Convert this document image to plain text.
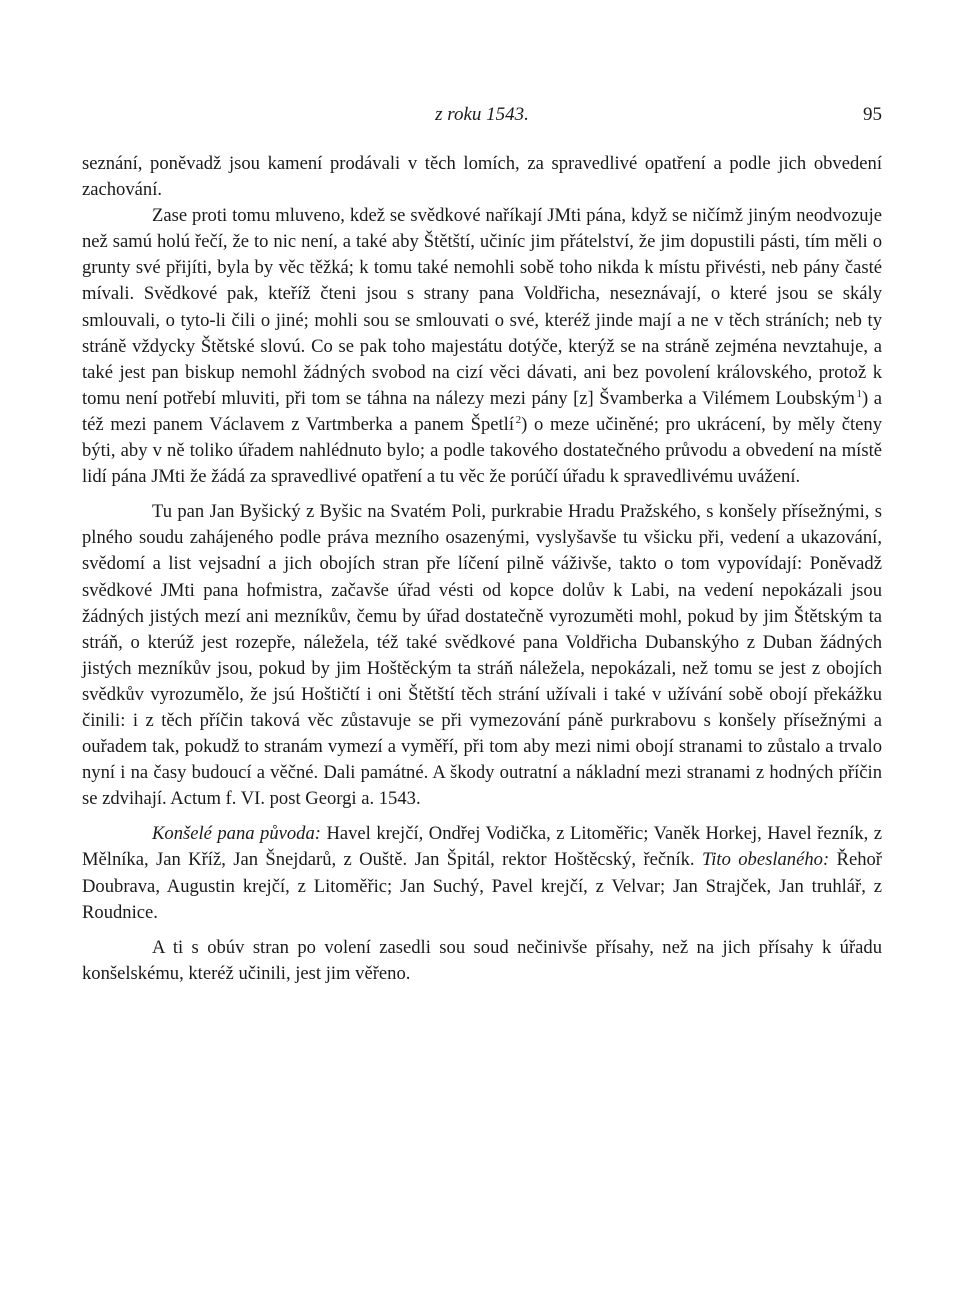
z roku 1543.	95

seznání, poněvadž jsou kamení prodávali v těch lomích, za spravedlivé opatření a podle jich obvedení zachování.

Zase proti tomu mluveno, kdež se svědkové naříkají JMti pána, když se ničímž jiným neodvozuje než samú holú řečí, že to nic není, a také aby Štětští, učiníc jim přátelství, že jim dopustili pásti, tím měli o grunty své přijíti, byla by věc těžká; k tomu také nemohli sobě toho nikda k místu přivésti, neb pány časté mívali. Svědkové pak, kteříž čteni jsou s strany pana Voldřicha, neseznávají, o které jsou se skály smlouvali, o tyto-li čili o jiné; mohli sou se smlouvati o své, kteréž jinde mají a ne v těch stráních; neb ty stráně vždycky Štětské slovú. Co se pak toho majestátu dotýče, kterýž se na stráně zejména nevztahuje, a také jest pan biskup nemohl žádných svobod na cizí věci dávati, ani bez povolení královského, protož k tomu není potřebí mluviti, při tom se táhna na nálezy mezi pány [z] Švamberka a Vilémem Loubským  $^1$) a též mezi panem Václavem z Vartmberka a panem Špetlí  $^2$) o meze učiněné; pro ukrácení, by měly čteny býti, aby v ně toliko úřadem nahlédnuto bylo; a podle takového dostatečného průvodu a obvedení na místě lidí pána JMti že žádá za spravedlivé opatření a tu věc že porúčí úřadu k spravedlivému uvážení.

Tu pan Jan Byšický z Byšic na Svatém Poli, purkrabie Hradu Pražského, s konšely přísežnými, s plného soudu zahájeného podle práva mezního osazenými, vyslyšavše tu všicku při, vedení a ukazování, svědomí a list vejsadní a jich obojích stran pře líčení pilně váživše, takto o tom vypovídají: Poněvadž svědkové JMti pana hofmistra, začavše úřad vésti od kopce dolův k Labi, na vedení nepokázali jsou žádných jistých mezí ani mezníkův, čemu by úřad dostatečně vyrozuměti mohl, pokud by jim Štětským ta stráň, o kterúž jest rozepře, náležela, též také svědkové pana Voldřicha Dubanskýho z Duban žádných jistých mezníkův jsou, pokud by jim Hoštěckým ta stráň náležela, nepokázali, než tomu se jest z obojích svědkův vyrozumělo, že jsú Hoštičtí i oni Štětští těch strání užívali i také v užívání sobě obojí překážku činili: i z těch příčin taková věc zůstavuje se při vymezování páně purkrabovu s konšely přísežnými a ouřadem tak, pokudž to stranám vymezí a vyměří, při tom aby mezi nimi obojí stranami to zůstalo a trvalo nyní i na časy budoucí a věčné. Dali památné. A škody outratní a nákladní mezi stranami z hodných příčin se zdvihají. Actum f. VI. post Georgi a. 1543.

Konšelé pana původa: Havel krejčí, Ondřej Vodička, z Litoměřic; Vaněk Horkej, Havel řezník, z Mělníka, Jan Kříž, Jan Šnejdarů, z Ouště. Jan Špitál, rektor Hoštěcský, řečník. Tito obeslaného: Řehoř Doubrava, Augustin krejčí, z Litoměřic; Jan Suchý, Pavel krejčí, z Velvar; Jan Strajček, Jan truhlář, z Roudnice.

A ti s obúv stran po volení zasedli sou soud nečinivše přísahy, než na jich přísahy k úřadu konšelskému, kteréž učinili, jest jim věřeno.
